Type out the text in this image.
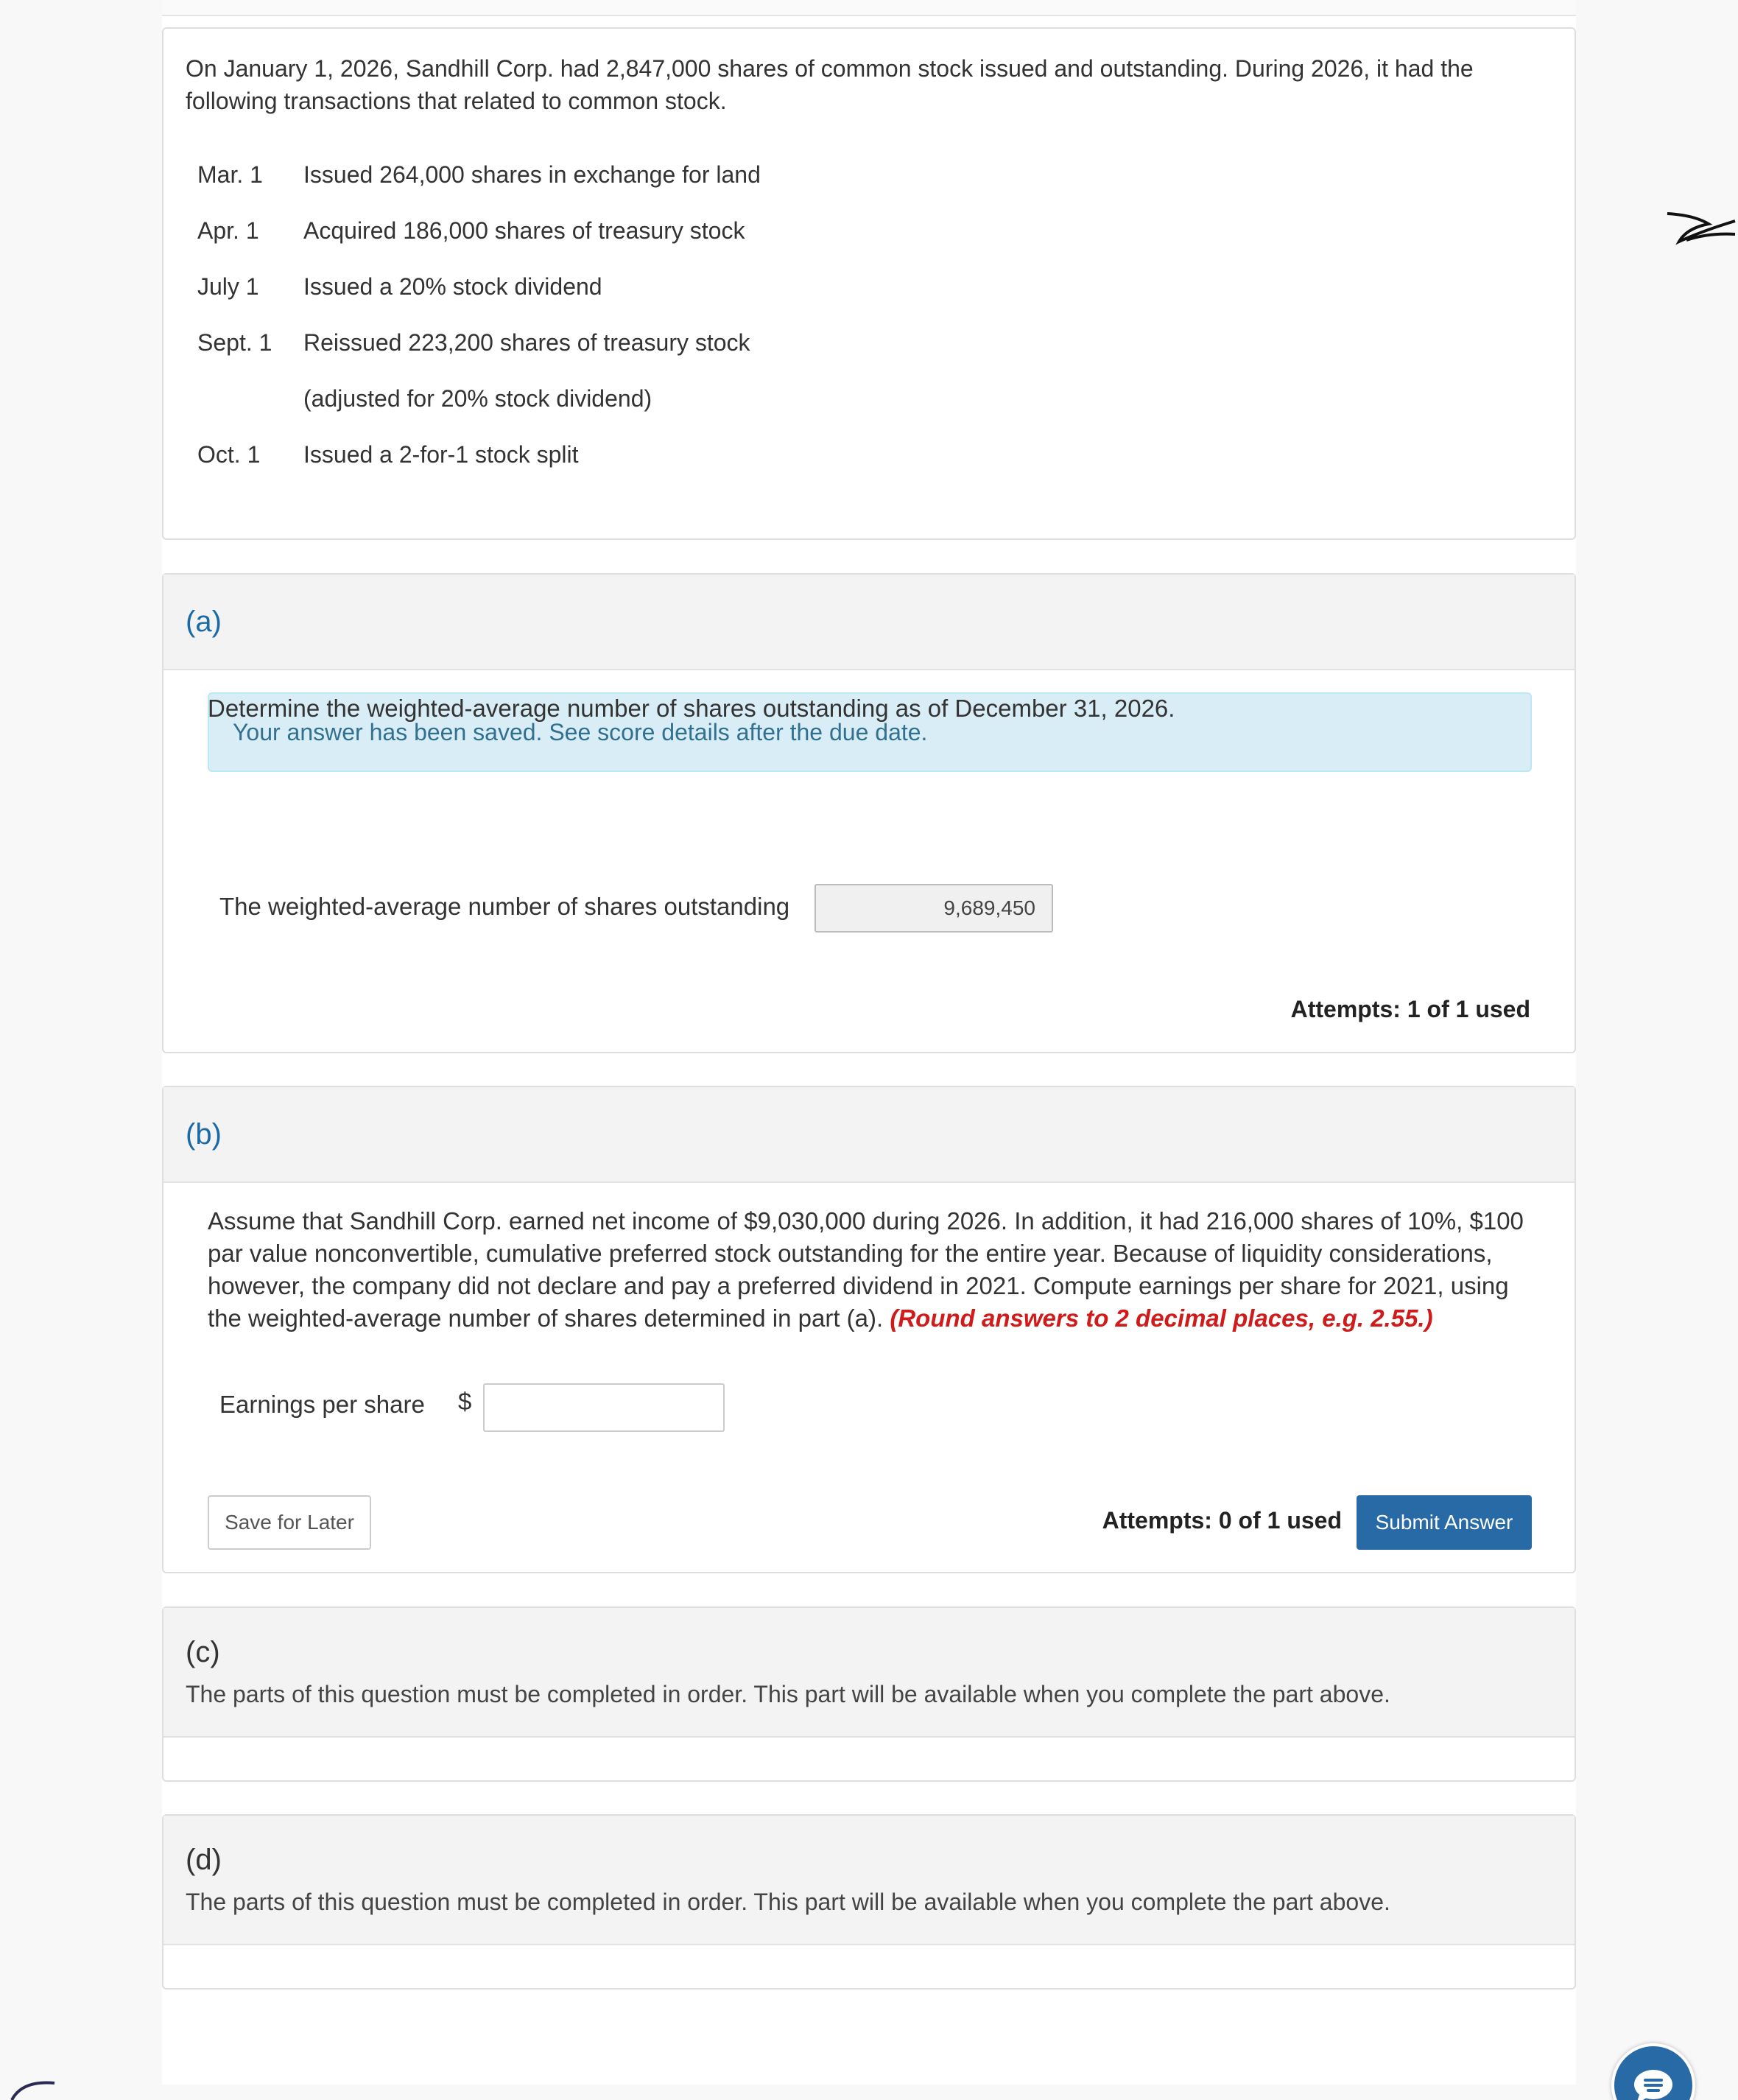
On January 1, 2026, Sandhill Corp. had 2,847,000 shares of common stock issued and outstanding. During 2026, it had the following transactions that related to common stock.

Mar. 1	Issued 264,000 shares in exchange for land
Apr. 1	Acquired 186,000 shares of treasury stock
July 1	Issued a 20% stock dividend
Sept. 1	Reissued 223,200 shares of treasury stock
	(adjusted for 20% stock dividend)
Oct. 1	Issued a 2-for-1 stock split
(a)
Your answer has been saved. See score details after the due date.

Determine the weighted-average number of shares outstanding as of December 31, 2026.

The weighted-average number of shares outstanding	9,689,450
Attempts: 1 of 1 used
(b)

Assume that Sandhill Corp. earned net income of $9,030,000 during 2026. In addition, it had 216,000 shares of 10%, $100 par value nonconvertible, cumulative preferred stock outstanding for the entire year. Because of liquidity considerations, however, the company did not declare and pay a preferred dividend in 2021. Compute earnings per share for 2021, using the weighted-average number of shares determined in part (a). (Round answers to 2 decimal places, e.g. 2.55.)

Earnings per share $
Save for Later	Attempts: 0 of 1 used	Submit Answer
(c)
The parts of this question must be completed in order. This part will be available when you complete the part above.
(d)
The parts of this question must be completed in order. This part will be available when you complete the part above.
